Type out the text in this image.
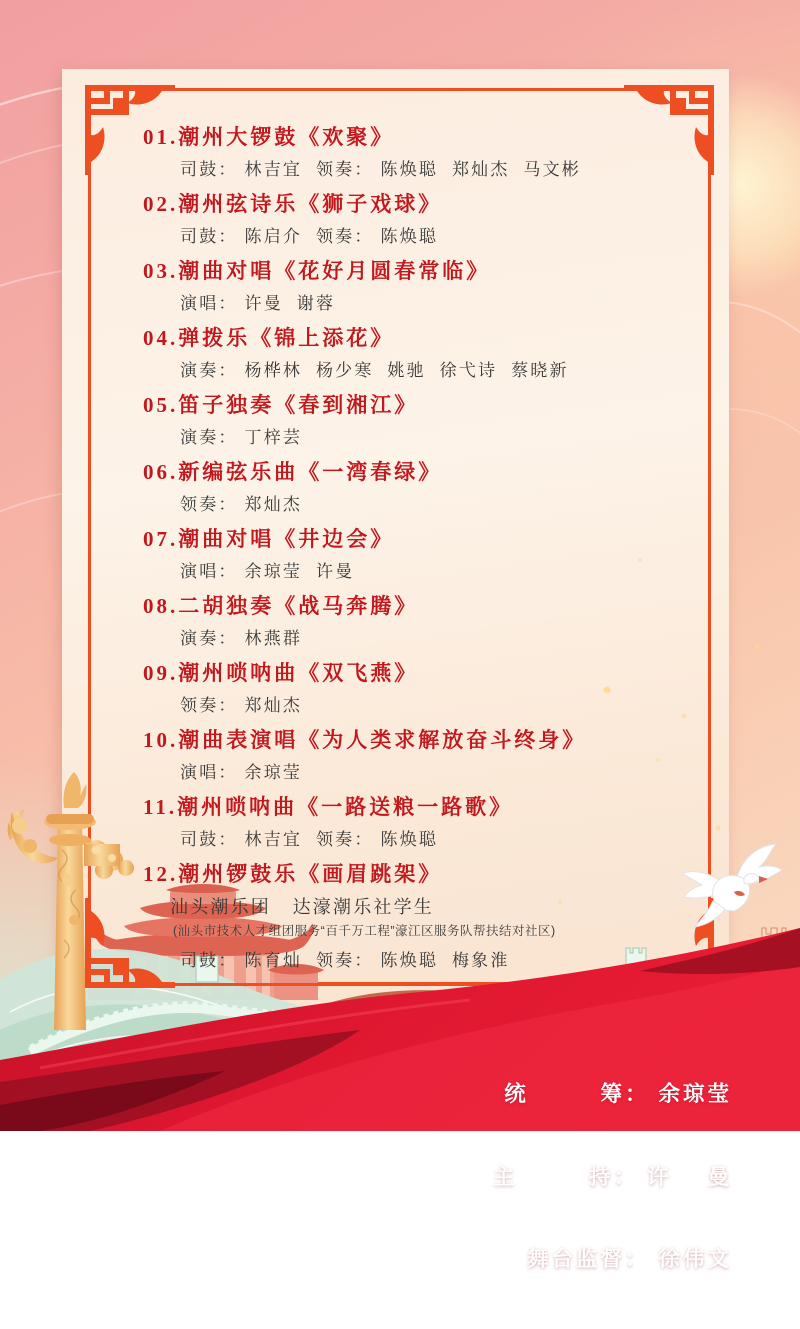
01.潮州大锣鼓《欢聚》
司鼓： 林吉宜  领奏： 陈焕聪  郑灿杰  马文彬
02.潮州弦诗乐《狮子戏球》
司鼓： 陈启介  领奏： 陈焕聪
03.潮曲对唱《花好月圆春常临》
演唱： 许曼  谢蓉
04.弹拨乐《锦上添花》
演奏： 杨桦林  杨少寒  姚驰  徐弋诗  蔡晓新
05.笛子独奏《春到湘江》
演奏： 丁梓芸
06.新编弦乐曲《一湾春绿》
领奏： 郑灿杰
07.潮曲对唱《井边会》
演唱： 余琼莹  许曼
08.二胡独奏《战马奔腾》
演奏： 林燕群
09.潮州唢呐曲《双飞燕》
领奏： 郑灿杰
10.潮曲表演唱《为人类求解放奋斗终身》
演唱： 余琼莹
11.潮州唢呐曲《一路送粮一路歌》
司鼓： 林吉宜  领奏： 陈焕聪
12.潮州锣鼓乐《画眉跳架》
汕头潮乐团   达濠潮乐社学生
(汕头市技术人才组团服务“百千万工程”濠江区服务队帮扶结对社区)
司鼓： 陈育灿  领奏： 陈焕聪  梅象淮

统        筹： 余琼莹

主        持： 许    曼

舞台监督： 徐伟文
